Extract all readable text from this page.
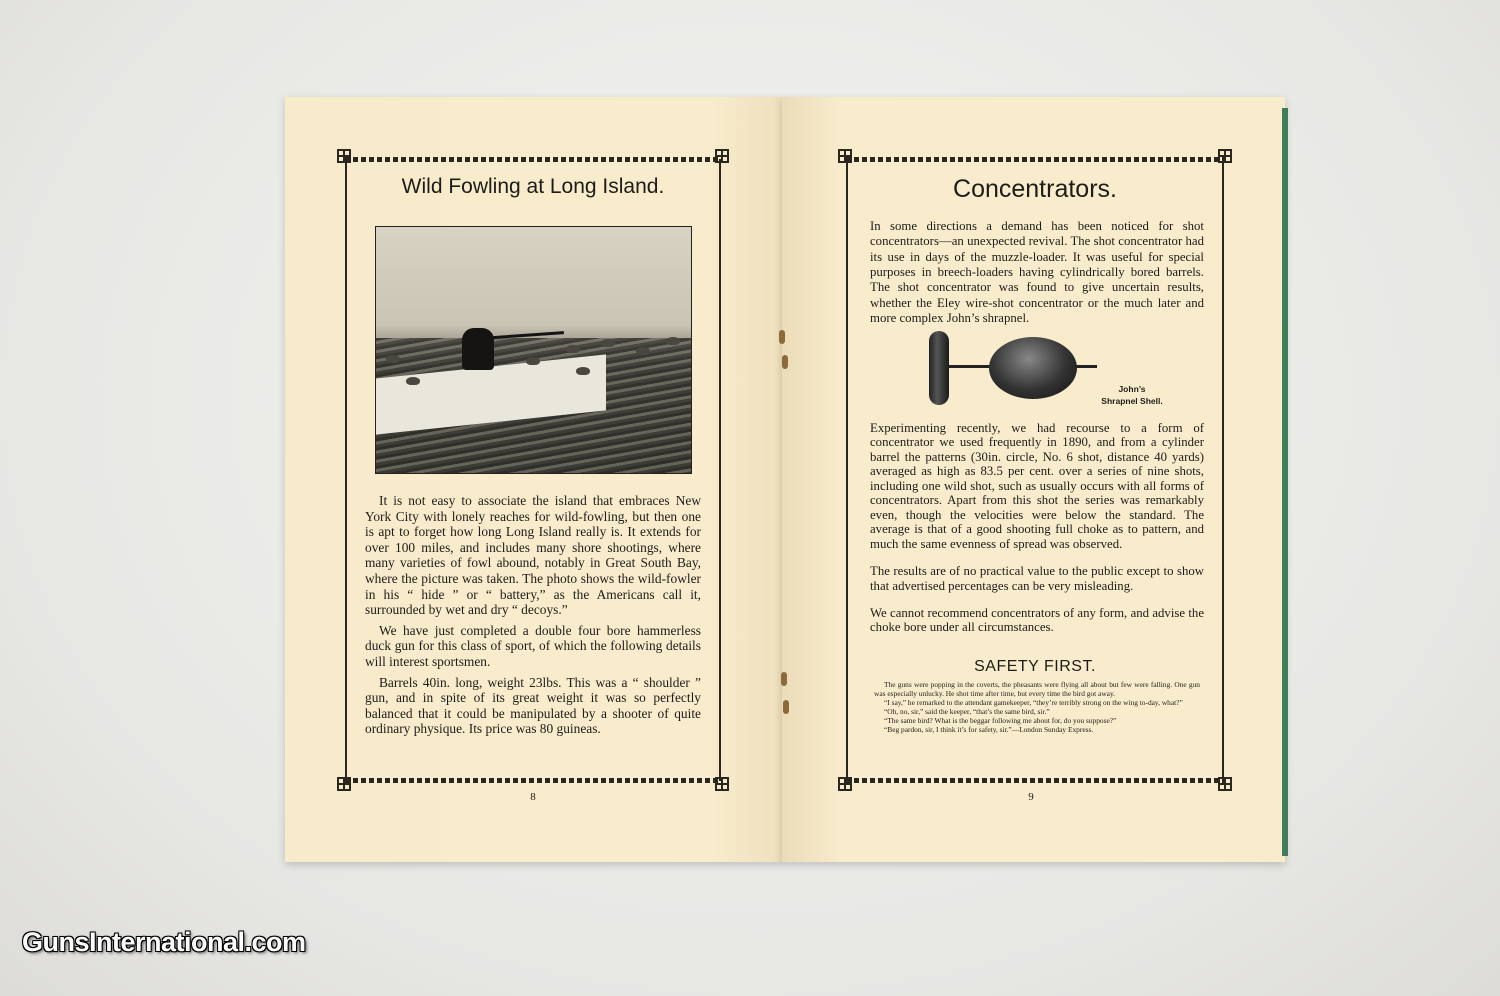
Wild Fowling at Long Island.

It is not easy to associate the island that embraces New York City with lonely reaches for wild-fowling, but then one is apt to forget how long Long Island really is. It extends for over 100 miles, and includes many shore shootings, where many varieties of fowl abound, notably in Great South Bay, where the picture was taken. The photo shows the wild-fowler in his “ hide ” or “ battery,” as the Americans call it, surrounded by wet and dry “ decoys.”

We have just completed a double four bore hammerless duck gun for this class of sport, of which the following details will interest sportsmen.

Barrels 40in. long, weight 23lbs. This was a “ shoulder ” gun, and in spite of its great weight it was so perfectly balanced that it could be manipulated by a shooter of quite ordinary physique. Its price was 80 guineas.

8
Concentrators.

In some directions a demand has been noticed for shot concentrators—an unexpected revival. The shot concentrator had its use in days of the muzzle-loader. It was useful for special purposes in breech-loaders having cylindrically bored barrels. The shot concentrator was found to give uncertain results, whether the Eley wire-shot concentrator or the much later and more complex John’s shrapnel.

John’s
Shrapnel Shell.

Experimenting recently, we had recourse to a form of concentrator we used frequently in 1890, and from a cylinder barrel the patterns (30in. circle, No. 6 shot, distance 40 yards) averaged as high as 83.5 per cent. over a series of nine shots, including one wild shot, such as usually occurs with all forms of concentrators. Apart from this shot the series was remarkably even, though the velocities were below the standard. The average is that of a good shooting full choke as to pattern, and much the same evenness of spread was observed.

The results are of no practical value to the public except to show that advertised percentages can be very misleading.

We cannot recommend concentrators of any form, and advise the choke bore under all circumstances.

SAFETY FIRST.
The guns were popping in the coverts, the pheasants were flying all about but few were falling. One gun was especially unlucky. He shot time after time, but every time the bird got away.
“I say,” he remarked to the attendant gamekeeper, “they’re terribly strong on the wing to-day, what?”
“Oh, no, sir,” said the keeper, “that’s the same bird, sir.”
“The same bird? What is the beggar following me about for, do you suppose?”
“Beg pardon, sir, I think it’s for safety, sir.”—London Sunday Express.
9
GunsInternational.com
